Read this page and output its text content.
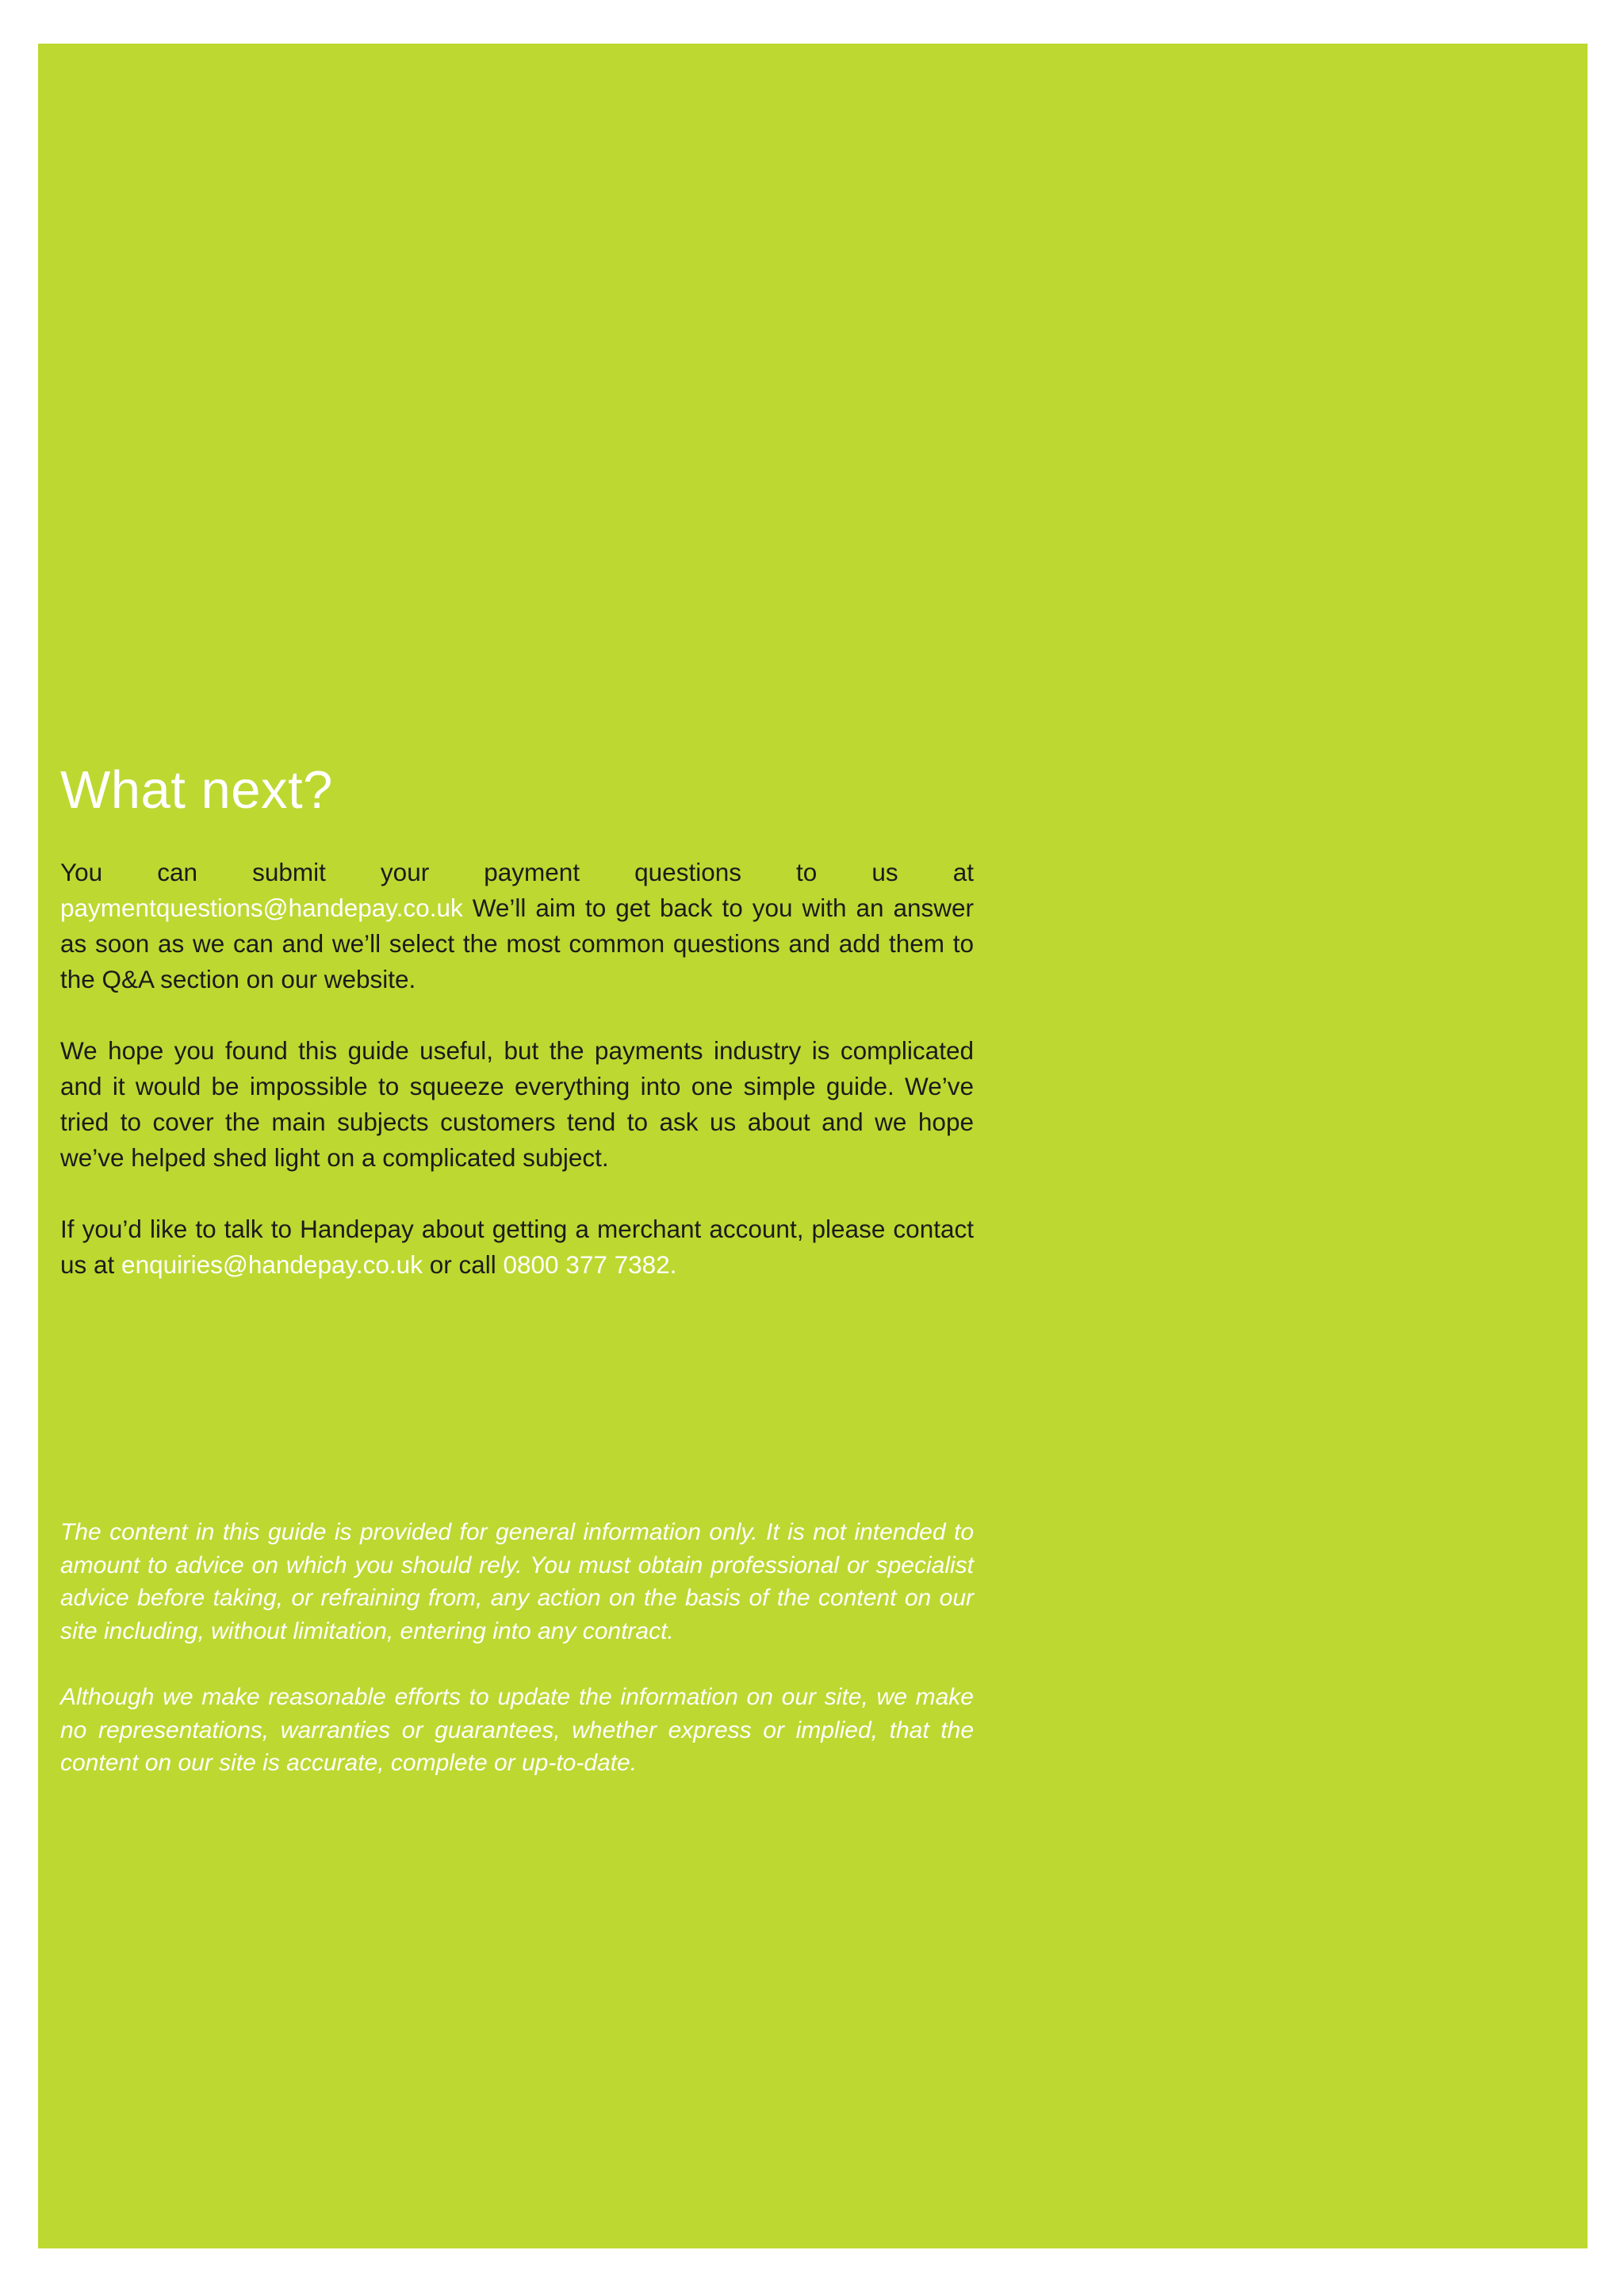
What next?

You can submit your payment questions to us at paymentquestions@handepay.co.uk We’ll aim to get back to you with an answer as soon as we can and we’ll select the most common questions and add them to the Q&A section on our website.

We hope you found this guide useful, but the payments industry is complicated and it would be impossible to squeeze everything into one simple guide. We’ve tried to cover the main subjects customers tend to ask us about and we hope we’ve helped shed light on a complicated subject.

If you’d like to talk to Handepay about getting a merchant account, please contact us at enquiries@handepay.co.uk or call 0800 377 7382.

The content in this guide is provided for general information only. It is not intended to amount to advice on which you should rely. You must obtain professional or specialist advice before taking, or refraining from, any action on the basis of the content on our site including, without limitation, entering into any contract.

Although we make reasonable efforts to update the information on our site, we make no representations, warranties or guarantees, whether express or implied, that the content on our site is accurate, complete or up-to-date.
